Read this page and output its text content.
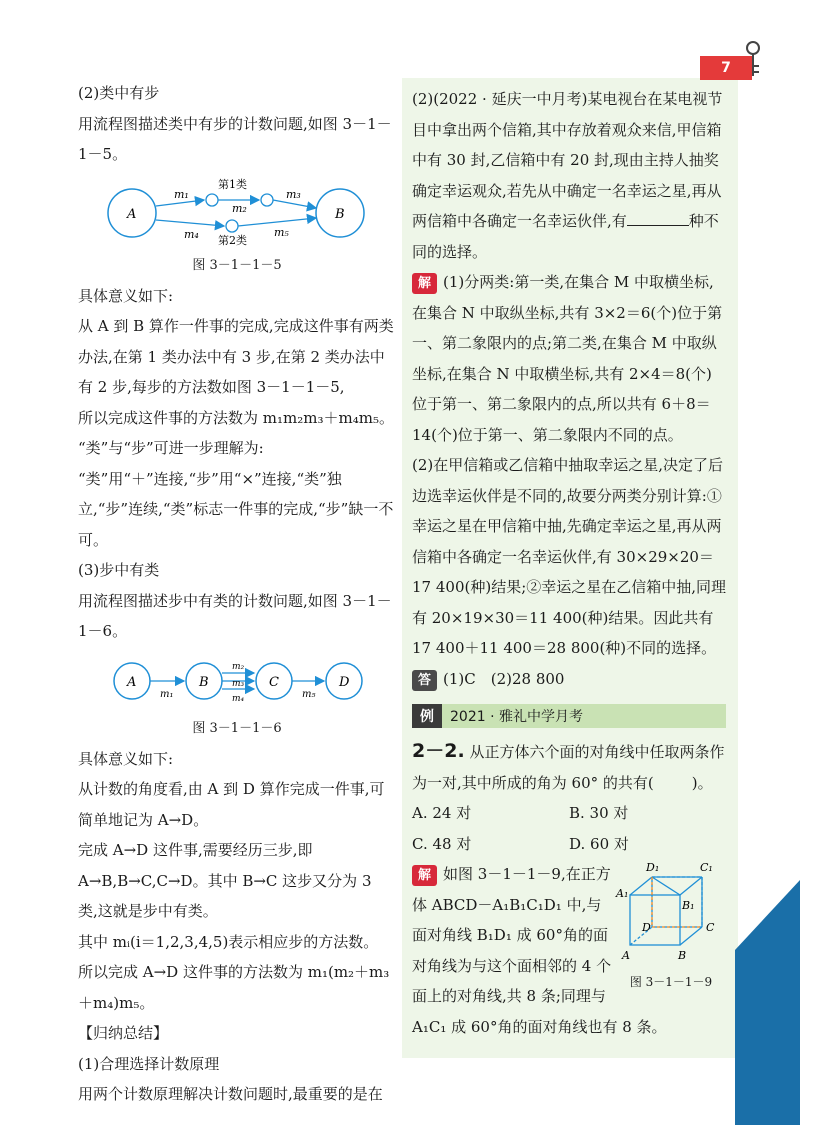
7

(2)类中有步

用流程图描述类中有步的计数问题,如图 3－1－1－5。

A	B
第1类
第2类
m₁
m₂
m₃
m₄	m₅

图 3－1－1－5

具体意义如下:

从 A 到 B 算作一件事的完成,完成这件事有两类办法,在第 1 类办法中有 3 步,在第 2 类办法中有 2 步,每步的方法数如图 3－1－1－5,

所以完成这件事的方法数为 m₁m₂m₃＋m₄m₅。

“类”与“步”可进一步理解为:

“类”用“＋”连接,“步”用“×”连接,“类”独立,“步”连续,“类”标志一件事的完成,“步”缺一不可。

(3)步中有类

用流程图描述步中有类的计数问题,如图 3－1－1－6。

A	B	C	D
m₁
m₂
m₃
m₄	m₅

图 3－1－1－6

具体意义如下:

从计数的角度看,由 A 到 D 算作完成一件事,可简单地记为 A→D。

完成 A→D 这件事,需要经历三步,即 A→B,B→C,C→D。其中 B→C 这步又分为 3 类,这就是步中有类。

其中 mᵢ(i＝1,2,3,4,5)表示相应步的方法数。

所以完成 A→D 这件事的方法数为 m₁(m₂＋m₃＋m₄)m₅。

【归纳总结】

(1)合理选择计数原理

用两个计数原理解决计数问题时,最重要的是在

(2)(2022 · 延庆一中月考)某电视台在某电视节目中拿出两个信箱,其中存放着观众来信,甲信箱中有 30 封,乙信箱中有 20 封,现由主持人抽奖确定幸运观众,若先从中确定一名幸运之星,再从两信箱中各确定一名幸运伙伴,有	种不同的选择。

解 (1)分两类:第一类,在集合 M 中取横坐标,在集合 N 中取纵坐标,共有 3×2＝6(个)位于第一、第二象限内的点;第二类,在集合 M 中取纵坐标,在集合 N 中取横坐标,共有 2×4＝8(个)位于第一、第二象限内的点,所以共有 6＋8＝14(个)位于第一、第二象限内不同的点。

(2)在甲信箱或乙信箱中抽取幸运之星,决定了后边选幸运伙伴是不同的,故要分两类分别计算:①幸运之星在甲信箱中抽,先确定幸运之星,再从两信箱中各确定一名幸运伙伴,有 30×29×20＝17 400(种)结果;②幸运之星在乙信箱中抽,同理有 20×19×30＝11 400(种)结果。因此共有 17 400＋11 400＝28 800(种)不同的选择。

答 (1)C　(2)28 800

例	2021 · 雅礼中学月考

2－2. 从正方体六个面的对角线中任取两条作为一对,其中所成的角为 60° 的共有(	)。

A. 24 对	B. 30 对
C. 48 对	D. 60 对
D₁	C₁
A₁
B₁
D	C
A	B
图 3－1－1－9

解 如图 3－1－1－9,在正方体 ABCD－A₁B₁C₁D₁ 中,与面对角线 B₁D₁ 成 60°角的面对角线为与这个面相邻的 4 个面上的对角线,共 8 条;同理与 A₁C₁ 成 60°角的面对角线也有 8 条。	第三章
